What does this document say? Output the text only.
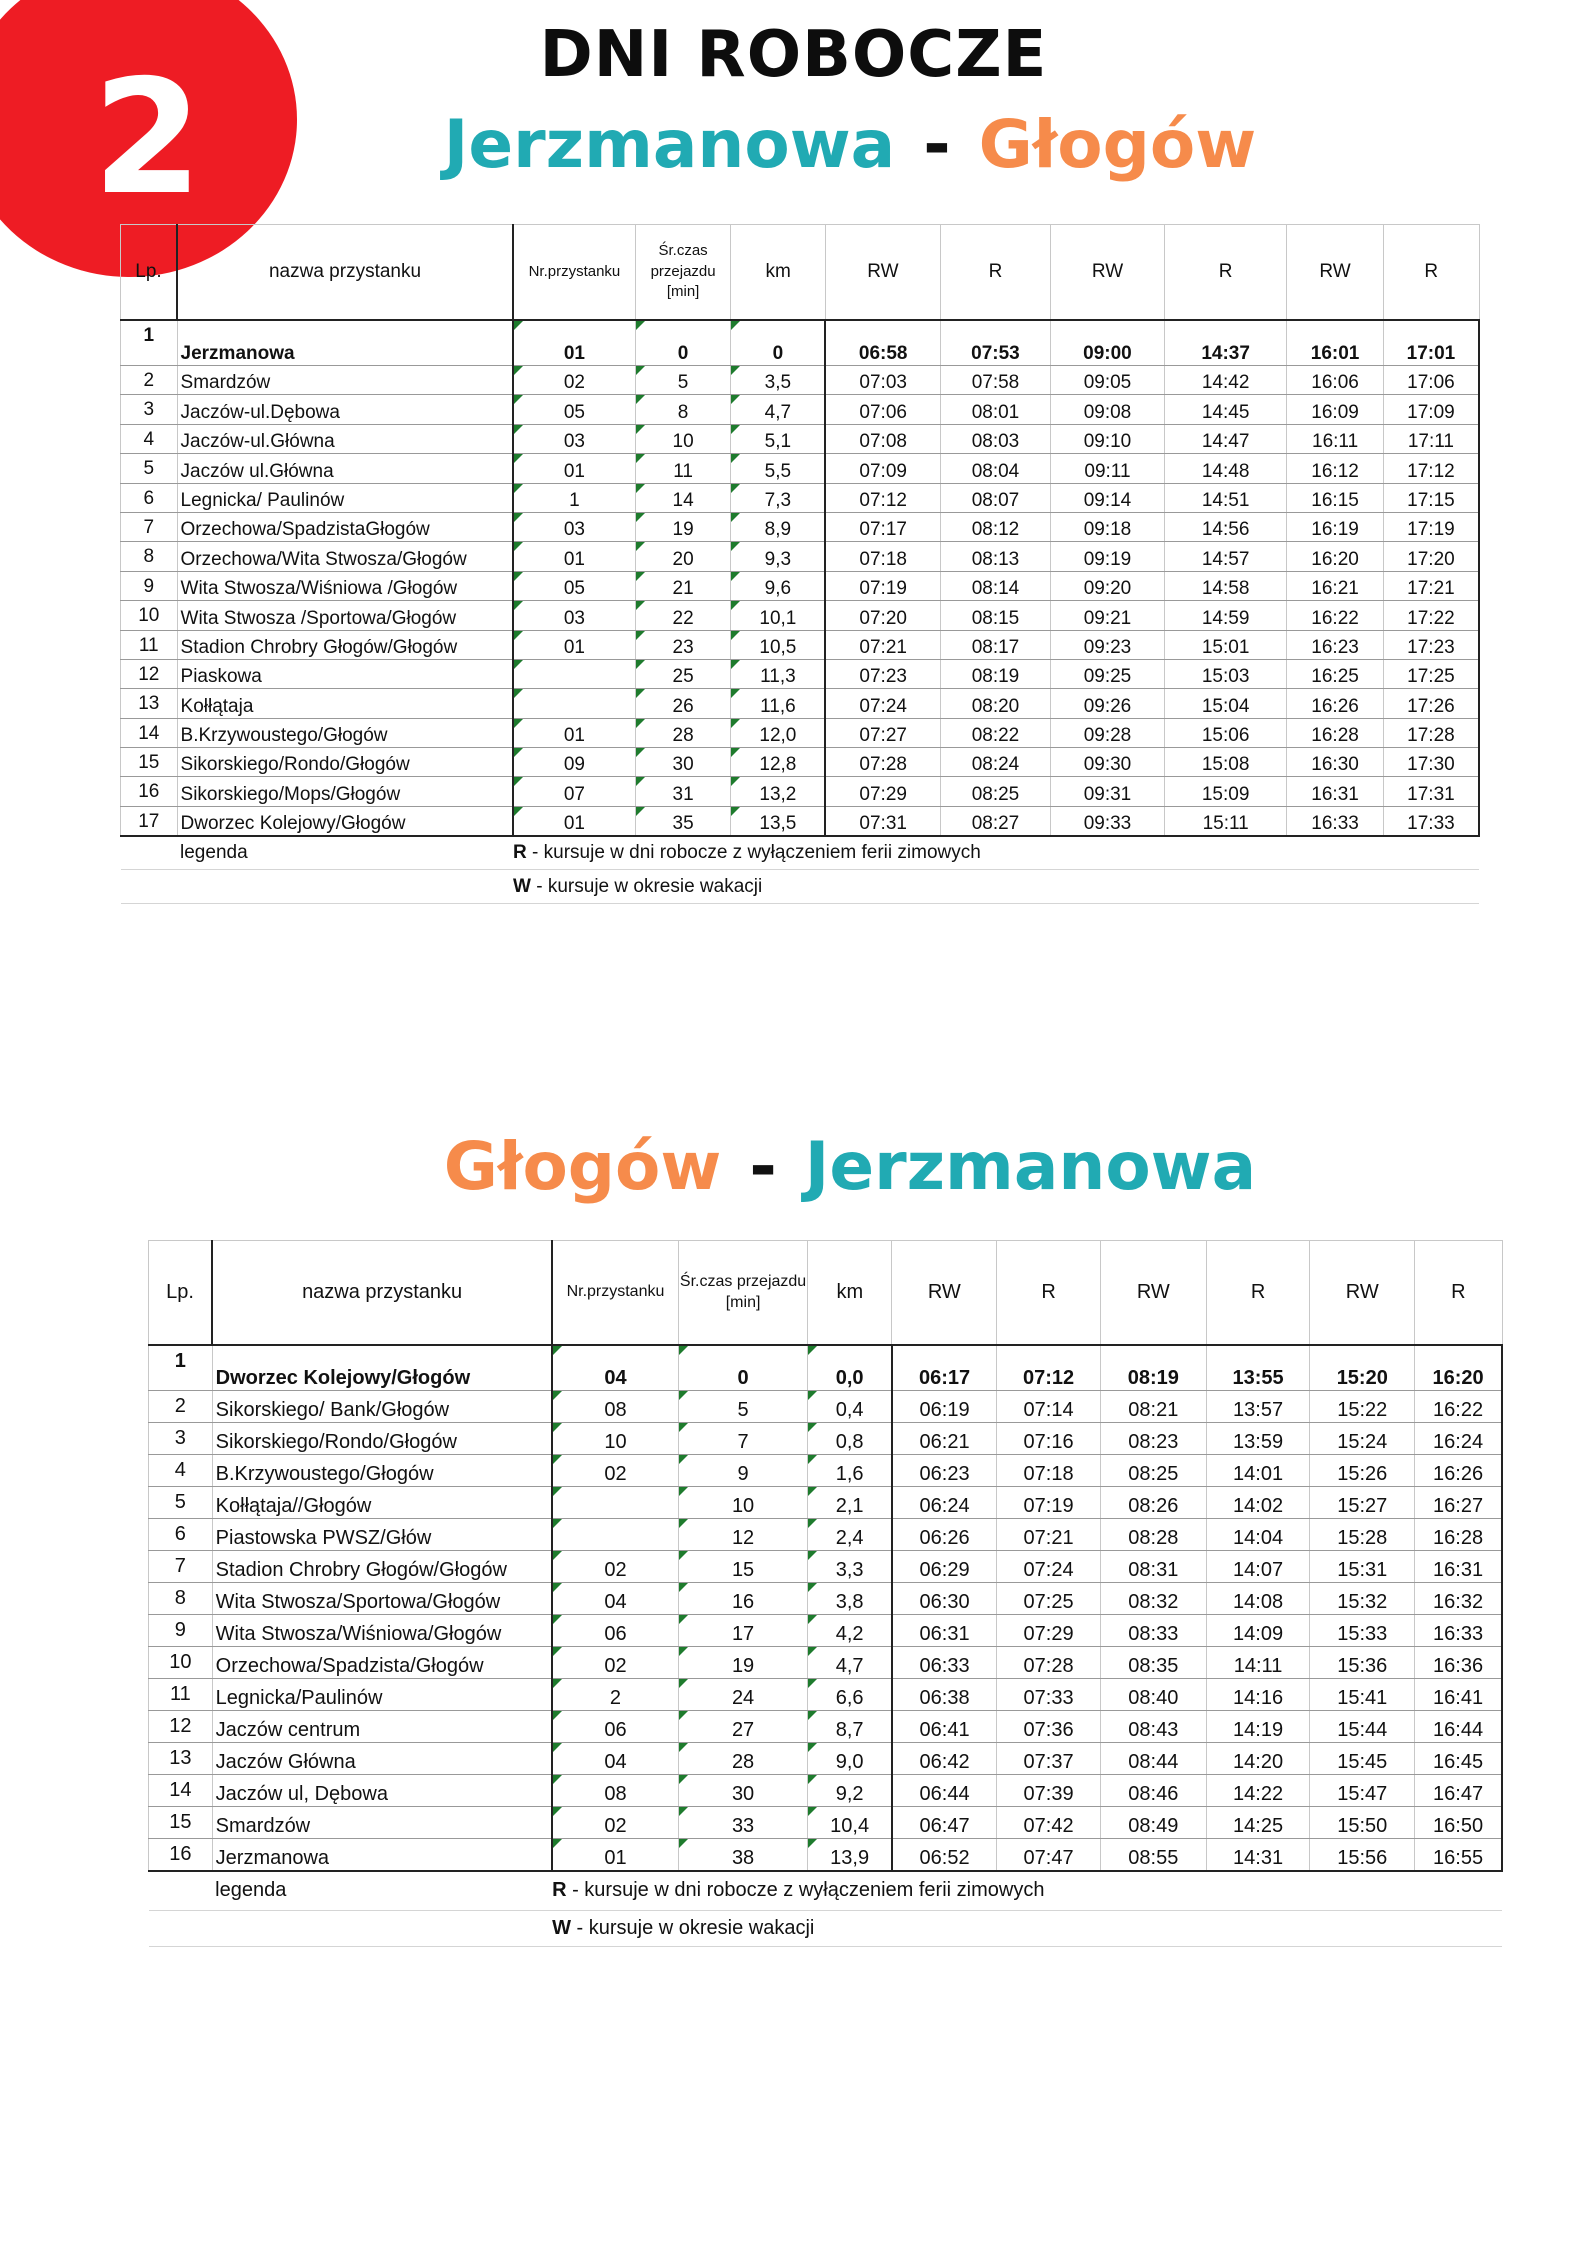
2	DNI ROBOCZE
Jerzmanowa - Głogów
Lp.	nazwa przystanku	Nr.przystanku	Śr.czas przejazdu [min]	km	RW	R	RW	R	RW	R
1	Jerzmanowa	01	0	0	06:58	07:53	09:00	14:37	16:01	17:01
2	Smardzów	02	5	3,5	07:03	07:58	09:05	14:42	16:06	17:06
3	Jaczów-ul.Dębowa	05	8	4,7	07:06	08:01	09:08	14:45	16:09	17:09
4	Jaczów-ul.Główna	03	10	5,1	07:08	08:03	09:10	14:47	16:11	17:11
5	Jaczów ul.Główna	01	11	5,5	07:09	08:04	09:11	14:48	16:12	17:12
6	Legnicka/ Paulinów	1	14	7,3	07:12	08:07	09:14	14:51	16:15	17:15
7	Orzechowa/SpadzistaGłogów	03	19	8,9	07:17	08:12	09:18	14:56	16:19	17:19
8	Orzechowa/Wita Stwosza/Głogów	01	20	9,3	07:18	08:13	09:19	14:57	16:20	17:20
9	Wita Stwosza/Wiśniowa /Głogów	05	21	9,6	07:19	08:14	09:20	14:58	16:21	17:21
10	Wita Stwosza /Sportowa/Głogów	03	22	10,1	07:20	08:15	09:21	14:59	16:22	17:22
11	Stadion Chrobry Głogów/Głogów	01	23	10,5	07:21	08:17	09:23	15:01	16:23	17:23
12	Piaskowa		25	11,3	07:23	08:19	09:25	15:03	16:25	17:25
13	Kołłątaja		26	11,6	07:24	08:20	09:26	15:04	16:26	17:26
14	B.Krzywoustego/Głogów	01	28	12,0	07:27	08:22	09:28	15:06	16:28	17:28
15	Sikorskiego/Rondo/Głogów	09	30	12,8	07:28	08:24	09:30	15:08	16:30	17:30
16	Sikorskiego/Mops/Głogów	07	31	13,2	07:29	08:25	09:31	15:09	16:31	17:31
17	Dworzec Kolejowy/Głogów	01	35	13,5	07:31	08:27	09:33	15:11	16:33	17:33
	legenda	R - kursuje w dni robocze z wyłączeniem ferii zimowych								
		W - kursuje w okresie wakacji								
Głogów - Jerzmanowa
Lp.	nazwa przystanku	Nr.przystanku	Śr.czas przejazdu [min]	km	RW	R	RW	R	RW	R
1	Dworzec Kolejowy/Głogów	04	0	0,0	06:17	07:12	08:19	13:55	15:20	16:20
2	Sikorskiego/ Bank/Głogów	08	5	0,4	06:19	07:14	08:21	13:57	15:22	16:22
3	Sikorskiego/Rondo/Głogów	10	7	0,8	06:21	07:16	08:23	13:59	15:24	16:24
4	B.Krzywoustego/Głogów	02	9	1,6	06:23	07:18	08:25	14:01	15:26	16:26
5	Kołłątaja//Głogów		10	2,1	06:24	07:19	08:26	14:02	15:27	16:27
6	Piastowska PWSZ/Głów		12	2,4	06:26	07:21	08:28	14:04	15:28	16:28
7	Stadion Chrobry Głogów/Głogów	02	15	3,3	06:29	07:24	08:31	14:07	15:31	16:31
8	Wita Stwosza/Sportowa/Głogów	04	16	3,8	06:30	07:25	08:32	14:08	15:32	16:32
9	Wita Stwosza/Wiśniowa/Głogów	06	17	4,2	06:31	07:29	08:33	14:09	15:33	16:33
10	Orzechowa/Spadzista/Głogów	02	19	4,7	06:33	07:28	08:35	14:11	15:36	16:36
11	Legnicka/Paulinów	2	24	6,6	06:38	07:33	08:40	14:16	15:41	16:41
12	Jaczów centrum	06	27	8,7	06:41	07:36	08:43	14:19	15:44	16:44
13	Jaczów Główna	04	28	9,0	06:42	07:37	08:44	14:20	15:45	16:45
14	Jaczów ul, Dębowa	08	30	9,2	06:44	07:39	08:46	14:22	15:47	16:47
15	Smardzów	02	33	10,4	06:47	07:42	08:49	14:25	15:50	16:50
16	Jerzmanowa	01	38	13,9	06:52	07:47	08:55	14:31	15:56	16:55
	legenda	R - kursuje w dni robocze z wyłączeniem ferii zimowych								
		W - kursuje w okresie wakacji								
